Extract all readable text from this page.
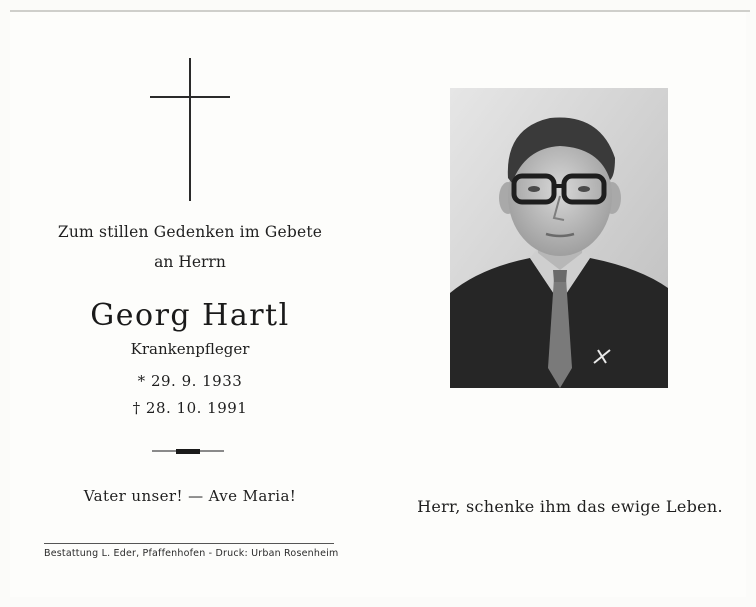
Zum stillen Gedenken im Gebete
an Herrn
Georg Hartl
Krankenpfleger
* 29. 9. 1933
† 28. 10. 1991
Vater unser! — Ave Maria!
Bestattung L. Eder, Pfaffenhofen - Druck: Urban Rosenheim
Herr, schenke ihm das ewige Leben.
